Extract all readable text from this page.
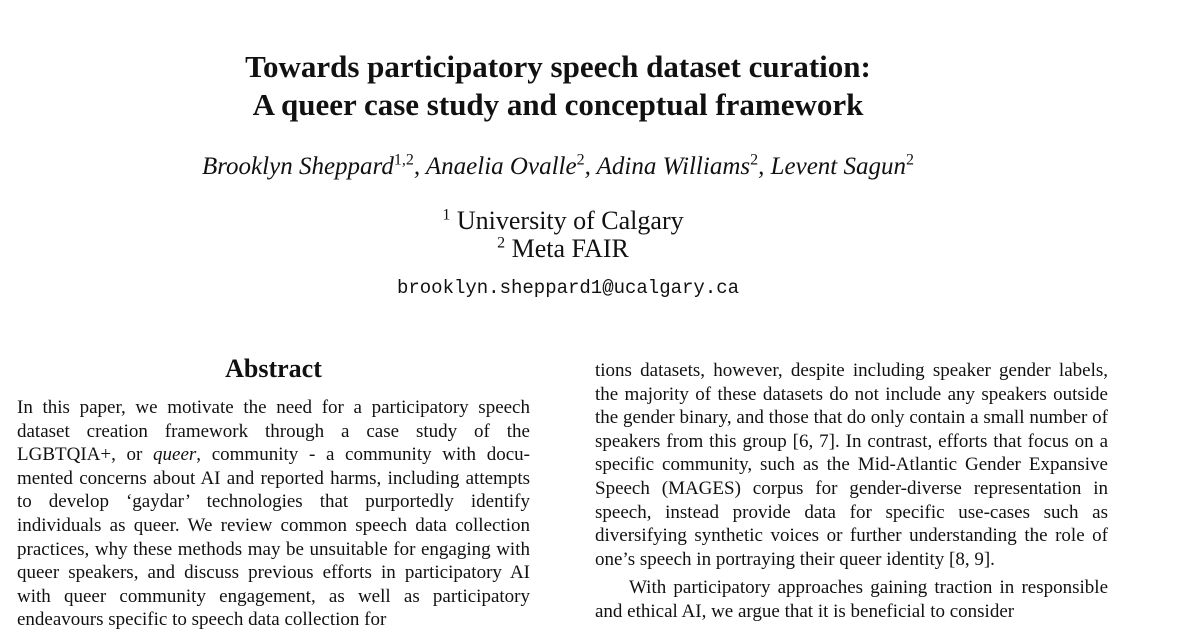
Towards participatory speech dataset curation:

A queer case study and conceptual framework

Brooklyn Sheppard$^{1,2}$, Anaelia Ovalle$^2$, Adina Williams$^2$, Levent Sagun$^2$

$^1$ University of Calgary

$^2$ Meta FAIR

brooklyn.sheppard1@ucalgary.ca
Abstract

In this paper, we motivate the need for a participatory speech dataset creation framework through a case study of the LGBTQIA+, or queer, community - a community with documented concerns about AI and reported harms, including attempts to develop ‘gaydar’ technologies that purportedly identify individuals as queer. We review common speech data collection practices, why these methods may be unsuitable for engaging with queer speakers, and discuss previous efforts in participatory AI with queer community engagement, as well as participatory endeavours specific to speech data collection for

tions datasets, however, despite including speaker gender labels, the majority of these datasets do not include any speakers outside the gender binary, and those that do only contain a small number of speakers from this group [6, 7]. In contrast, efforts that focus on a specific community, such as the Mid-Atlantic Gender Expansive Speech (MAGES) corpus for gender-diverse representation in speech, instead provide data for specific use-cases such as diversifying synthetic voices or further understanding the role of one’s speech in portraying their queer identity [8, 9].

With participatory approaches gaining traction in responsible and ethical AI, we argue that it is beneficial to consider
